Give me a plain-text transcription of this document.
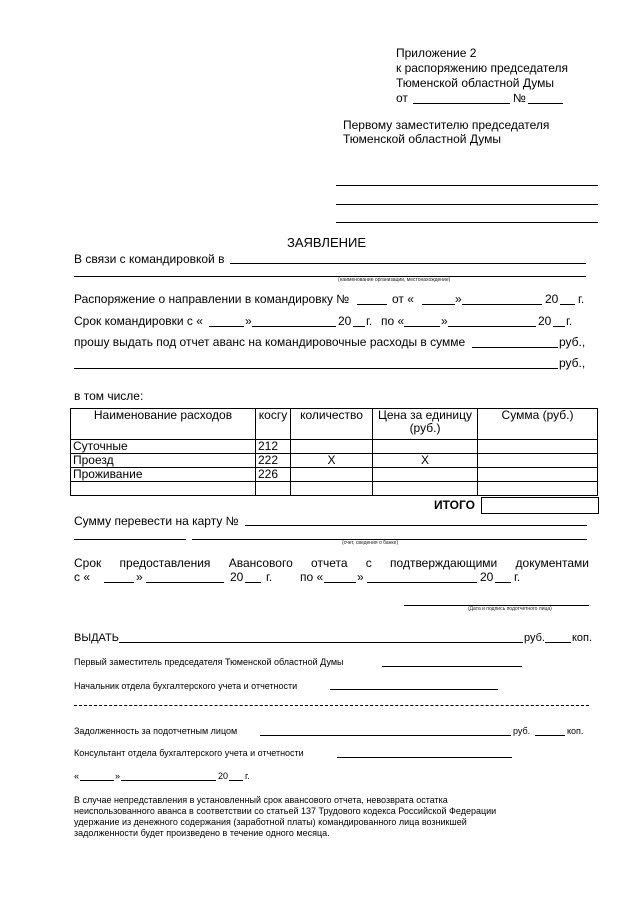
Приложение 2
к распоряжению председателя
Тюменской областной Думы
от	№
Первому заместителю председателя
Тюменской областной Думы
ЗАЯВЛЕНИЕ
В связи с командировкой в
(наименование организации, местонахождение)
Распоряжение о направлении в командировку №	от «	»	20 г.
Срок командировки с «	»	20 г. по «	»	20 г.
прошу выдать под отчет аванс на командировочные расходы в сумме	руб.,
руб.,
в том числе:
Наименование расходов	косгу	количество	Цена за единицу (руб.)	Сумма (руб.)
Суточные	212			
Проезд	222	Х	Х	
Проживание	226			

ИТОГО
Сумму перевести на карту №
(счет, сведения о банке)
Срок предоставления Авансового отчета с подтверждающими документами
с «	»	20 г. по «	»	20 г.
(Дата и подпись подотчетного лица)
ВЫДАТЬ	руб. коп.
Первый заместитель председателя Тюменской областной Думы
Начальник отдела бухгалтерского учета и отчетности
Задолженность за подотчетным лицом	руб.	коп.
Консультант отдела бухгалтерского учета и отчетности
«	»	20 г.
В случае непредставления в установленный срок авансового отчета, невозврата остатка
неиспользованного аванса в соответствии со статьей 137 Трудового кодекса Российской Федерации
удержание из денежного содержания (заработной платы) командированного лица возникшей
задолженности будет произведено в течение одного месяца.
